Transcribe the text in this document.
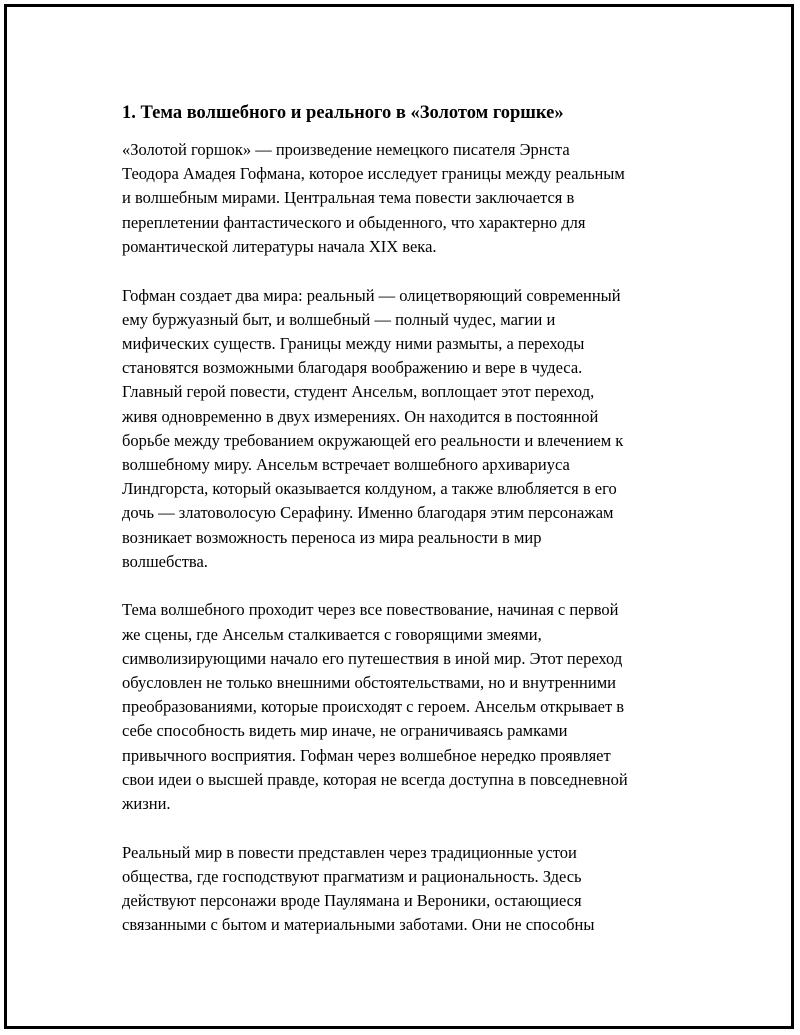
1. Тема волшебного и реального в «Золотом горшке»
«Золотой горшок» — произведение немецкого писателя Эрнста
Теодора Амадея Гофмана, которое исследует границы между реальным
и волшебным мирами. Центральная тема повести заключается в
переплетении фантастического и обыденного, что характерно для
романтической литературы начала XIX века.
Гофман создает два мира: реальный — олицетворяющий современный
ему буржуазный быт, и волшебный — полный чудес, магии и
мифических существ. Границы между ними размыты, а переходы
становятся возможными благодаря воображению и вере в чудеса.
Главный герой повести, студент Ансельм, воплощает этот переход,
живя одновременно в двух измерениях. Он находится в постоянной
борьбе между требованием окружающей его реальности и влечением к
волшебному миру. Ансельм встречает волшебного архивариуса
Линдгорста, который оказывается колдуном, а также влюбляется в его
дочь — златоволосую Серафину. Именно благодаря этим персонажам
возникает возможность переноса из мира реальности в мир
волшебства.
Тема волшебного проходит через все повествование, начиная с первой
же сцены, где Ансельм сталкивается с говорящими змеями,
символизирующими начало его путешествия в иной мир. Этот переход
обусловлен не только внешними обстоятельствами, но и внутренними
преобразованиями, которые происходят с героем. Ансельм открывает в
себе способность видеть мир иначе, не ограничиваясь рамками
привычного восприятия. Гофман через волшебное нередко проявляет
свои идеи о высшей правде, которая не всегда доступна в повседневной
жизни.
Реальный мир в повести представлен через традиционные устои
общества, где господствуют прагматизм и рациональность. Здесь
действуют персонажи вроде Паулямана и Вероники, остающиеся
связанными с бытом и материальными заботами. Они не способны
